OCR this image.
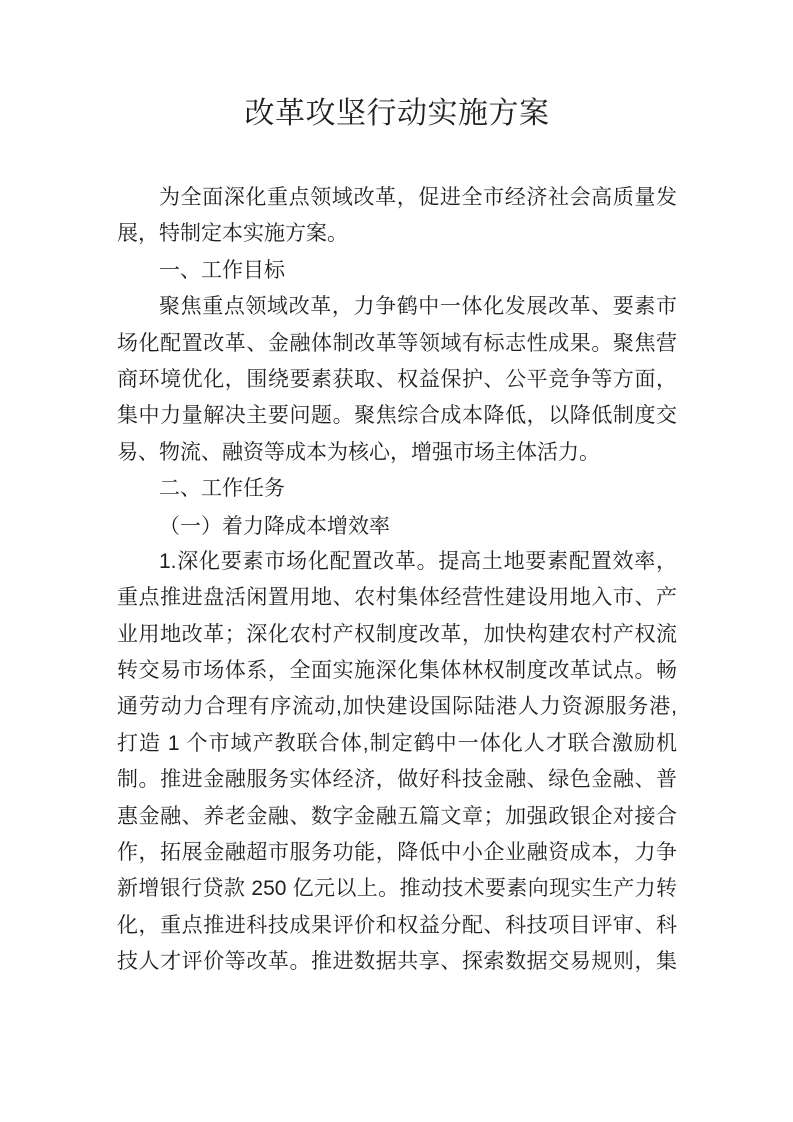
改革攻坚行动实施方案
为全面深化重点领域改革，促进全市经济社会高质量发
展，特制定本实施方案。
一、工作目标
聚焦重点领域改革，力争鹤中一体化发展改革、要素市
场化配置改革、金融体制改革等领域有标志性成果。聚焦营
商环境优化，围绕要素获取、权益保护、公平竞争等方面，
集中力量解决主要问题。聚焦综合成本降低，以降低制度交
易、物流、融资等成本为核心，增强市场主体活力。
二、工作任务
（一）着力降成本增效率
1.深化要素市场化配置改革。提高土地要素配置效率，
重点推进盘活闲置用地、农村集体经营性建设用地入市、产
业用地改革；深化农村产权制度改革，加快构建农村产权流
转交易市场体系，全面实施深化集体林权制度改革试点。畅
通劳动力合理有序流动,加快建设国际陆港人力资源服务港,
打造 1 个市域产教联合体,制定鹤中一体化人才联合激励机
制。推进金融服务实体经济，做好科技金融、绿色金融、普
惠金融、养老金融、数字金融五篇文章；加强政银企对接合
作，拓展金融超市服务功能，降低中小企业融资成本，力争
新增银行贷款 250 亿元以上。推动技术要素向现实生产力转
化，重点推进科技成果评价和权益分配、科技项目评审、科
技人才评价等改革。推进数据共享、探索数据交易规则，集
